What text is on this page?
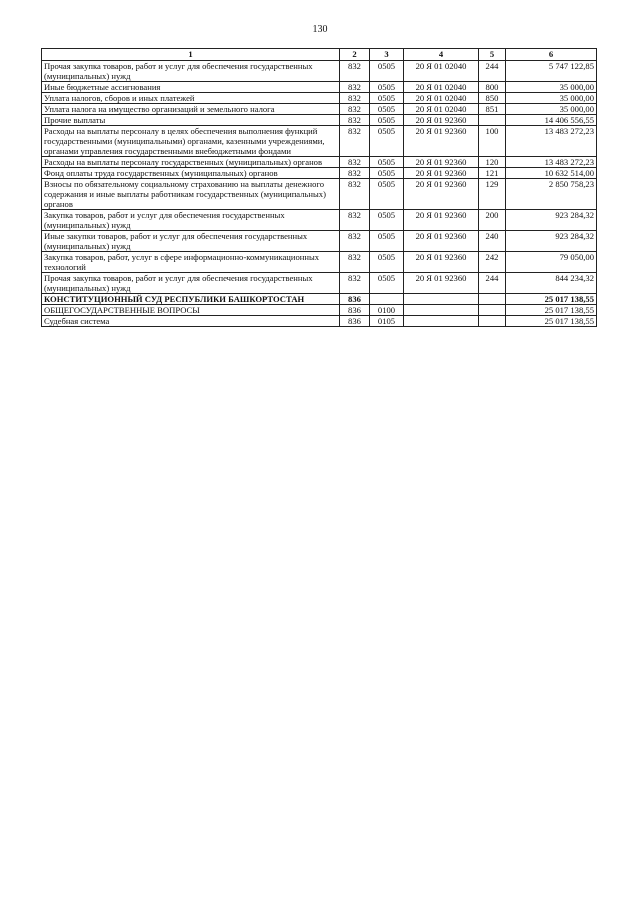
130
1	2	3	4	5	6
Прочая закупка товаров, работ и услуг для обеспечения государственных (муниципальных) нужд	832	0505	20 Я 01 02040	244	5 747 122,85
Иные бюджетные ассигнования	832	0505	20 Я 01 02040	800	35 000,00
Уплата налогов, сборов и иных платежей	832	0505	20 Я 01 02040	850	35 000,00
Уплата налога на имущество организаций и земельного налога	832	0505	20 Я 01 02040	851	35 000,00
Прочие выплаты	832	0505	20 Я 01 92360		14 406 556,55
Расходы на выплаты персоналу в целях обеспечения выполнения функций государственными (муниципальными) органами, казенными учреждениями, органами управления государственными внебюджетными фондами	832	0505	20 Я 01 92360	100	13 483 272,23
Расходы на выплаты персоналу государственных (муниципальных) органов	832	0505	20 Я 01 92360	120	13 483 272,23
Фонд оплаты труда государственных (муниципальных) органов	832	0505	20 Я 01 92360	121	10 632 514,00
Взносы по обязательному социальному страхованию на выплаты денежного содержания и иные выплаты работникам государственных (муниципальных) органов	832	0505	20 Я 01 92360	129	2 850 758,23
Закупка товаров, работ и услуг для обеспечения государственных (муниципальных) нужд	832	0505	20 Я 01 92360	200	923 284,32
Иные закупки товаров, работ и услуг для обеспечения государственных (муниципальных) нужд	832	0505	20 Я 01 92360	240	923 284,32
Закупка товаров, работ, услуг в сфере информационно-коммуникационных технологий	832	0505	20 Я 01 92360	242	79 050,00
Прочая закупка товаров, работ и услуг для обеспечения государственных (муниципальных) нужд	832	0505	20 Я 01 92360	244	844 234,32
КОНСТИТУЦИОННЫЙ СУД РЕСПУБЛИКИ БАШКОРТОСТАН	836				25 017 138,55
ОБЩЕГОСУДАРСТВЕННЫЕ ВОПРОСЫ	836	0100			25 017 138,55
Судебная система	836	0105			25 017 138,55
